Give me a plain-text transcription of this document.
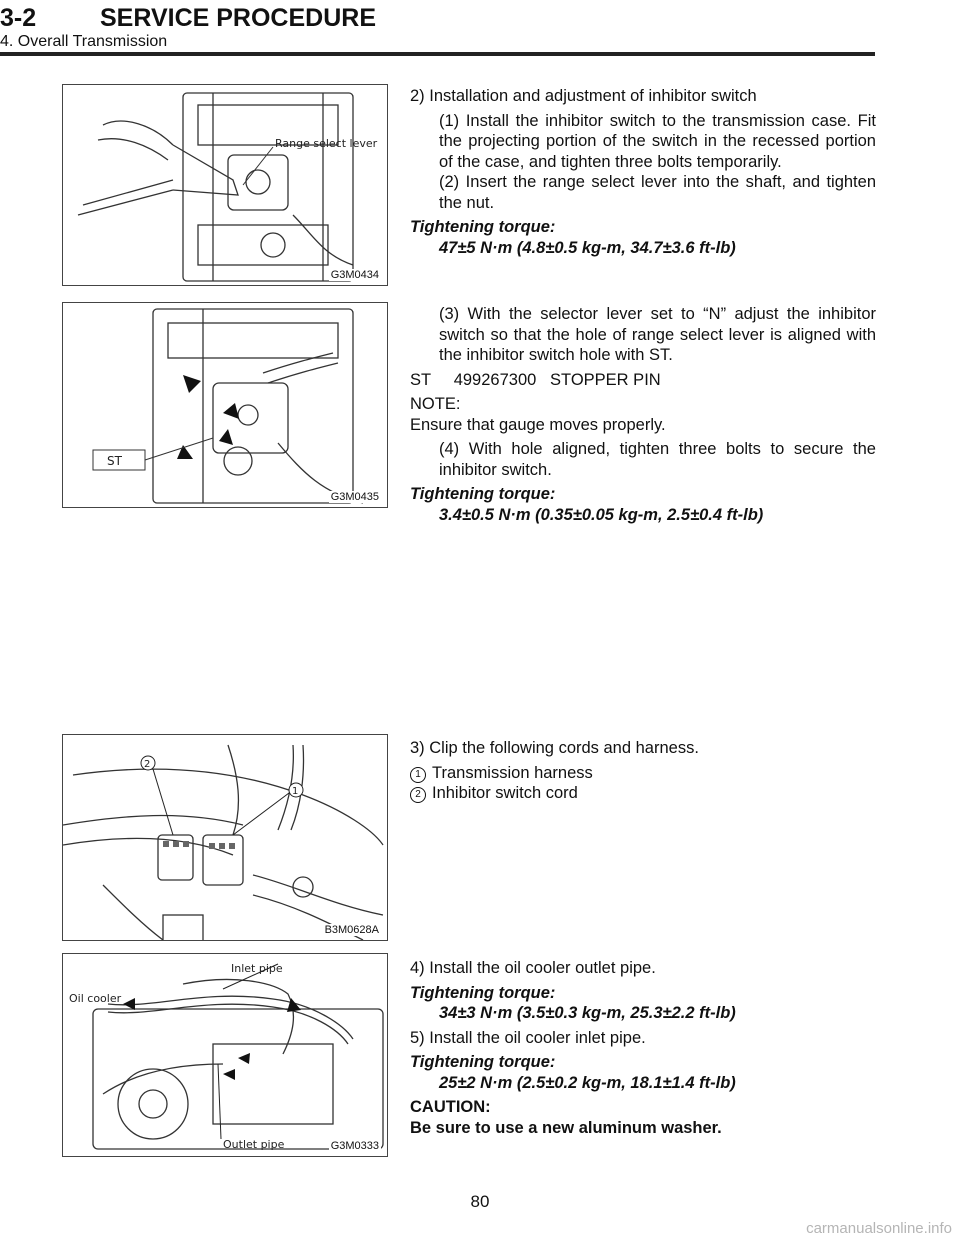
3-2	SERVICE PROCEDURE
4. Overall Transmission
Range select lever
G3M0434

2) Installation and adjustment of inhibitor switch

(1) Install the inhibitor switch to the transmission case. Fit the projecting portion of the switch in the recessed portion of the case, and tighten three bolts temporarily.

(2) Insert the range select lever into the shaft, and tighten the nut.

Tightening torque:

47±5 N·m (4.8±0.5 kg-m, 34.7±3.6 ft-lb)

ST
G3M0435

(3) With the selector lever set to “N” adjust the inhibitor switch so that the hole of range select lever is aligned with the inhibitor switch hole with ST.

ST     499267300   STOPPER PIN

NOTE:

Ensure that gauge moves properly.

(4) With hole aligned, tighten three bolts to secure the inhibitor switch.

Tightening torque:

3.4±0.5 N·m (0.35±0.05 kg-m, 2.5±0.4 ft-lb)

2
1
B3M0628A

3) Clip the following cords and harness.

1 Transmission harness

2 Inhibitor switch cord

Inlet pipe
Oil cooler
Outlet pipe	G3M0333

4) Install the oil cooler outlet pipe.

Tightening torque:

34±3 N·m (3.5±0.3 kg-m, 25.3±2.2 ft-lb)

5) Install the oil cooler inlet pipe.

Tightening torque:

25±2 N·m (2.5±0.2 kg-m, 18.1±1.4 ft-lb)

CAUTION:

Be sure to use a new aluminum washer.

80
carmanualsonline.info
